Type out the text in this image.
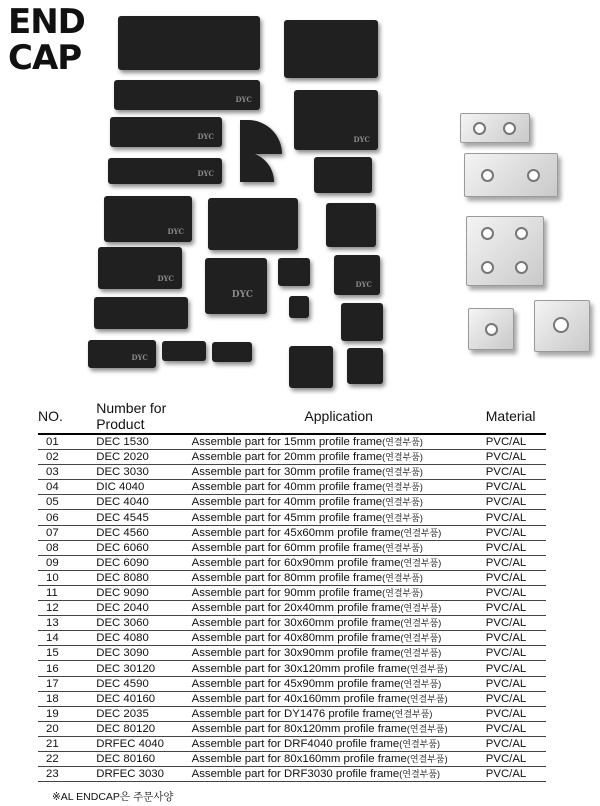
END
CAP
DYC
DYC
DYC
DYC
DYC
DYC
DYC
DYC
DYC
NO.	Number for Product	Application	Material
01	DEC 1530	Assemble part for 15mm profile frame(연결부품)	PVC/AL
02	DEC 2020	Assemble part for 20mm profile frame(연결부품)	PVC/AL
03	DEC 3030	Assemble part for 30mm profile frame(연결부품)	PVC/AL
04	DIC 4040	Assemble part for 40mm profile frame(연결부품)	PVC/AL
05	DEC 4040	Assemble part for 40mm profile frame(연결부품)	PVC/AL
06	DEC 4545	Assemble part for 45mm profile frame(연결부품)	PVC/AL
07	DEC 4560	Assemble part for 45x60mm profile frame(연결부품)	PVC/AL
08	DEC 6060	Assemble part for 60mm profile frame(연결부품)	PVC/AL
09	DEC 6090	Assemble part for 60x90mm profile frame(연결부품)	PVC/AL
10	DEC 8080	Assemble part for 80mm profile frame(연결부품)	PVC/AL
11	DEC 9090	Assemble part for 90mm profile frame(연결부품)	PVC/AL
12	DEC 2040	Assemble part for 20x40mm profile frame(연결부품)	PVC/AL
13	DEC 3060	Assemble part for 30x60mm profile frame(연결부품)	PVC/AL
14	DEC 4080	Assemble part for 40x80mm profile frame(연결부품)	PVC/AL
15	DEC 3090	Assemble part for 30x90mm profile frame(연결부품)	PVC/AL
16	DEC 30120	Assemble part for 30x120mm profile frame(연결부품)	PVC/AL
17	DEC 4590	Assemble part for 45x90mm profile frame(연결부품)	PVC/AL
18	DEC 40160	Assemble part for 40x160mm profile frame(연결부품)	PVC/AL
19	DEC 2035	Assemble part for DY1476 profile frame(연결부품)	PVC/AL
20	DEC 80120	Assemble part for 80x120mm profile frame(연결부품)	PVC/AL
21	DRFEC 4040	Assemble part for DRF4040 profile frame(연결부품)	PVC/AL
22	DEC 80160	Assemble part for 80x160mm profile frame(연결부품)	PVC/AL
23	DRFEC 3030	Assemble part for DRF3030 profile frame(연결부품)	PVC/AL
※AL ENDCAP은 주문사양
